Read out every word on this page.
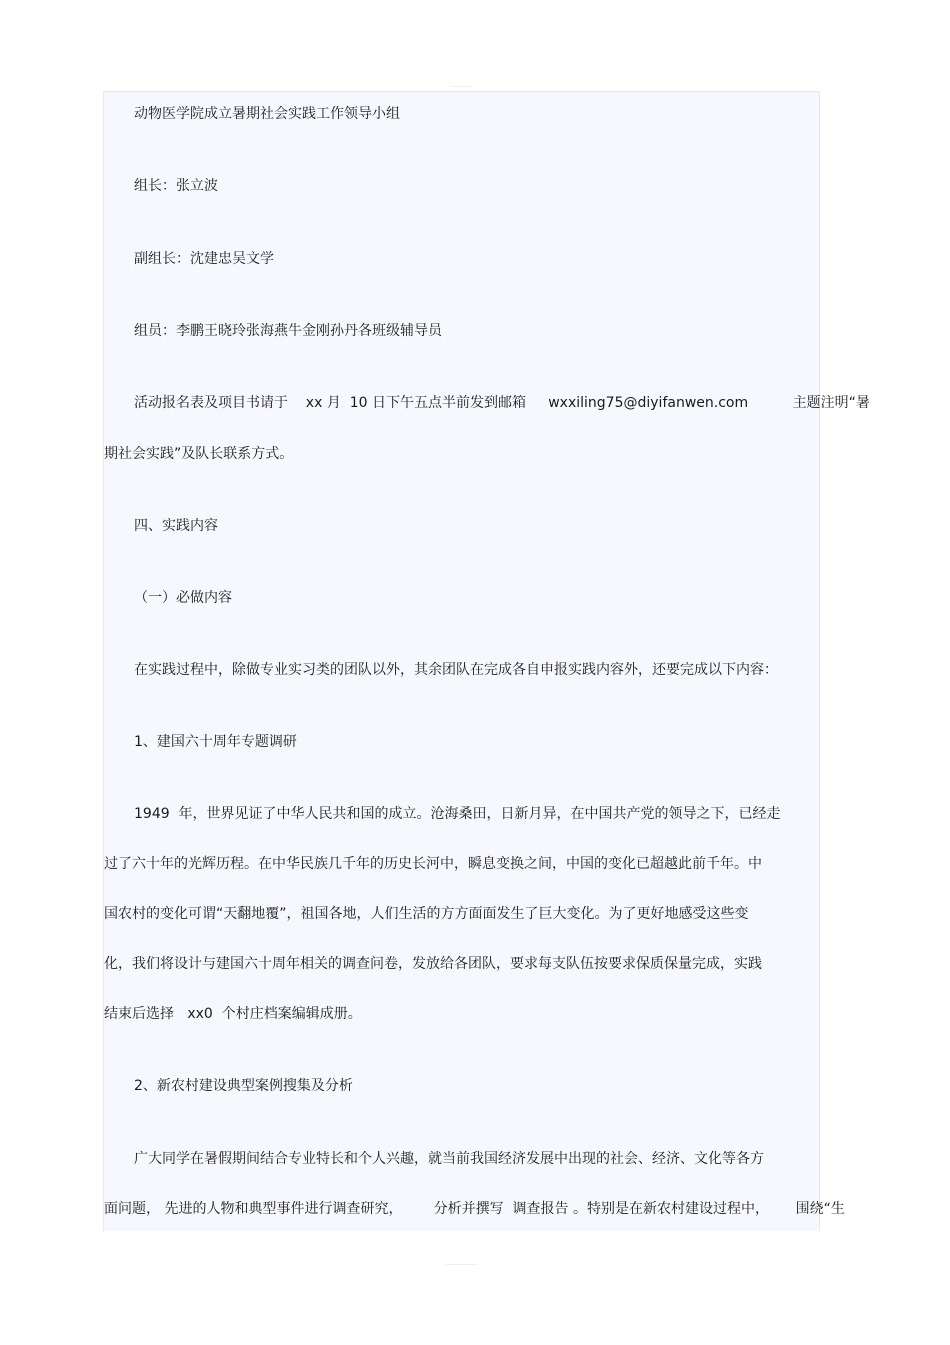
动物医学院成立暑期社会实践工作领导小组
组长：张立波
副组长：沈建忠吴文学
组员：李鹏王晓玲张海燕牛金刚孙丹各班级辅导员
活动报名表及项目书请于    xx 月  10 日下午五点半前发到邮箱     wxxiling75@diyifanwen.com          主题注明“暑
期社会实践”及队长联系方式。
四、实践内容
（一）必做内容
在实践过程中，除做专业实习类的团队以外，其余团队在完成各自申报实践内容外，还要完成以下内容：
1、建国六十周年专题调研
1949  年，世界见证了中华人民共和国的成立。沧海桑田，日新月异，在中国共产党的领导之下，已经走
过了六十年的光辉历程。在中华民族几千年的历史长河中，瞬息变换之间，中国的变化已超越此前千年。中
国农村的变化可谓“天翻地覆”，祖国各地，人们生活的方方面面发生了巨大变化。为了更好地感受这些变
化，我们将设计与建国六十周年相关的调查问卷，发放给各团队，要求每支队伍按要求保质保量完成，实践
结束后选择   xx0  个村庄档案编辑成册。
2、新农村建设典型案例搜集及分析
广大同学在暑假期间结合专业特长和个人兴趣，就当前我国经济发展中出现的社会、经济、文化等各方
面问题， 先进的人物和典型事件进行调查研究，       分析并撰写  调查报告 。特别是在新农村建设过程中，      围绕“生
